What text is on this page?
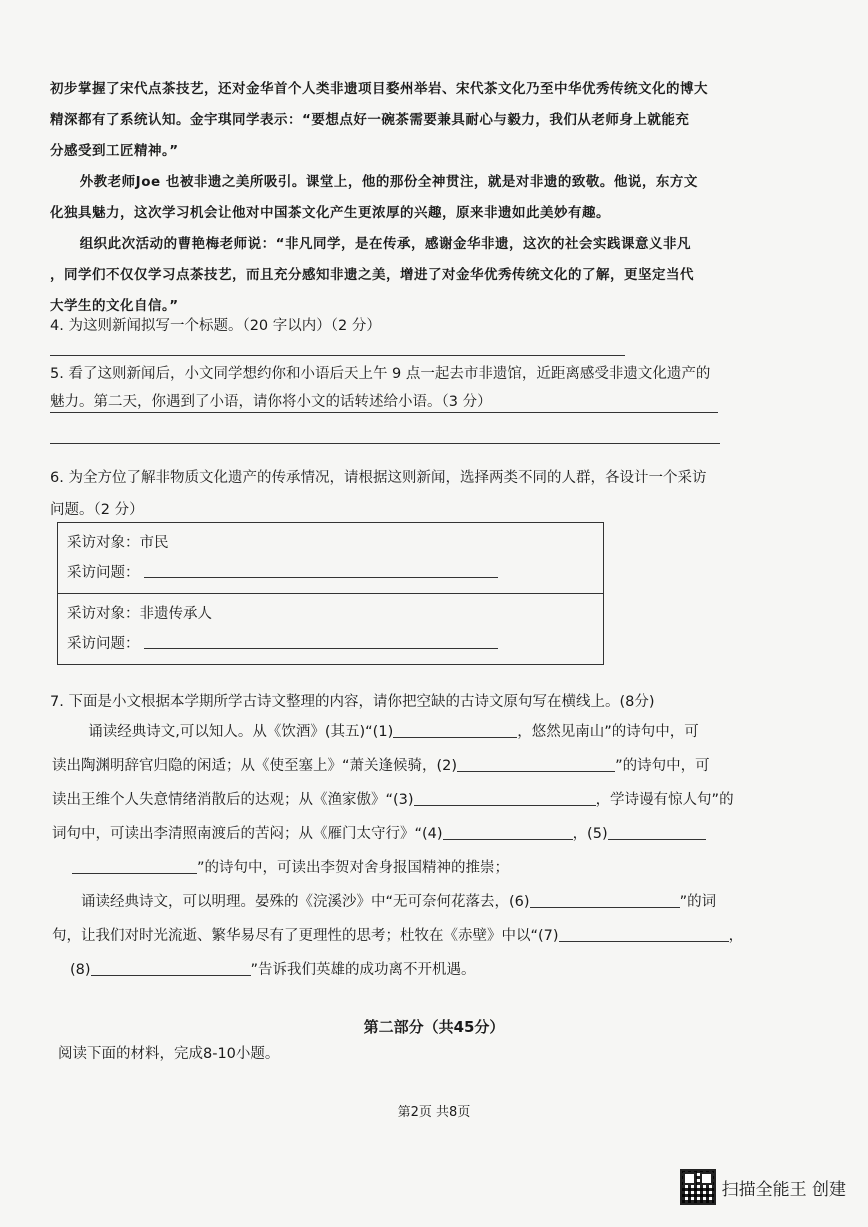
初步掌握了宋代点茶技艺，还对金华首个人类非遗项目婺州举岩、宋代茶文化乃至中华优秀传统文化的博大

精深都有了系统认知。金宇琪同学表示：“要想点好一碗茶需要兼具耐心与毅力，我们从老师身上就能充

分感受到工匠精神。”

外教老师Joe 也被非遗之美所吸引。课堂上，他的那份全神贯注，就是对非遗的致敬。他说，东方文

化独具魅力，这次学习机会让他对中国茶文化产生更浓厚的兴趣，原来非遗如此美妙有趣。

组织此次活动的曹艳梅老师说：“非凡同学，是在传承，感谢金华非遗，这次的社会实践课意义非凡

，同学们不仅仅学习点茶技艺，而且充分感知非遗之美，增进了对金华优秀传统文化的了解，更坚定当代

大学生的文化自信。”

4. 为这则新闻拟写一个标题。（20 字以内）（2 分）

5. 看了这则新闻后，小文同学想约你和小语后天上午 9 点一起去市非遗馆，近距离感受非遗文化遗产的

魅力。第二天，你遇到了小语，请你将小文的话转述给小语。（3 分）

6. 为全方位了解非物质文化遗产的传承情况，请根据这则新闻，选择两类不同的人群，各设计一个采访

问题。（2 分）

采访对象：市民
采访问题：
采访对象：非遗传承人
采访问题：

7. 下面是小文根据本学期所学古诗文整理的内容，请你把空缺的古诗文原句写在横线上。(8分)

诵读经典诗文,可以知人。从《饮酒》(其五)“(1)	，悠然见南山”的诗句中，可

读出陶渊明辞官归隐的闲适；从《使至塞上》“萧关逢候骑，(2)	”的诗句中，可

读出王维个人失意情绪消散后的达观；从《渔家傲》“(3)	，学诗谩有惊人句”的

词句中，可读出李清照南渡后的苦闷；从《雁门太守行》“(4)	，(5)

”的诗句中，可读出李贺对舍身报国精神的推崇；

诵读经典诗文，可以明理。晏殊的《浣溪沙》中“无可奈何花落去，(6)	”的词

句，让我们对时光流逝、繁华易尽有了更理性的思考；杜牧在《赤壁》中以“(7)	，

(8)	”告诉我们英雄的成功离不开机遇。

第二部分（共45分）
阅读下面的材料，完成8-10小题。
第2页 共8页
扫描全能王 创建
